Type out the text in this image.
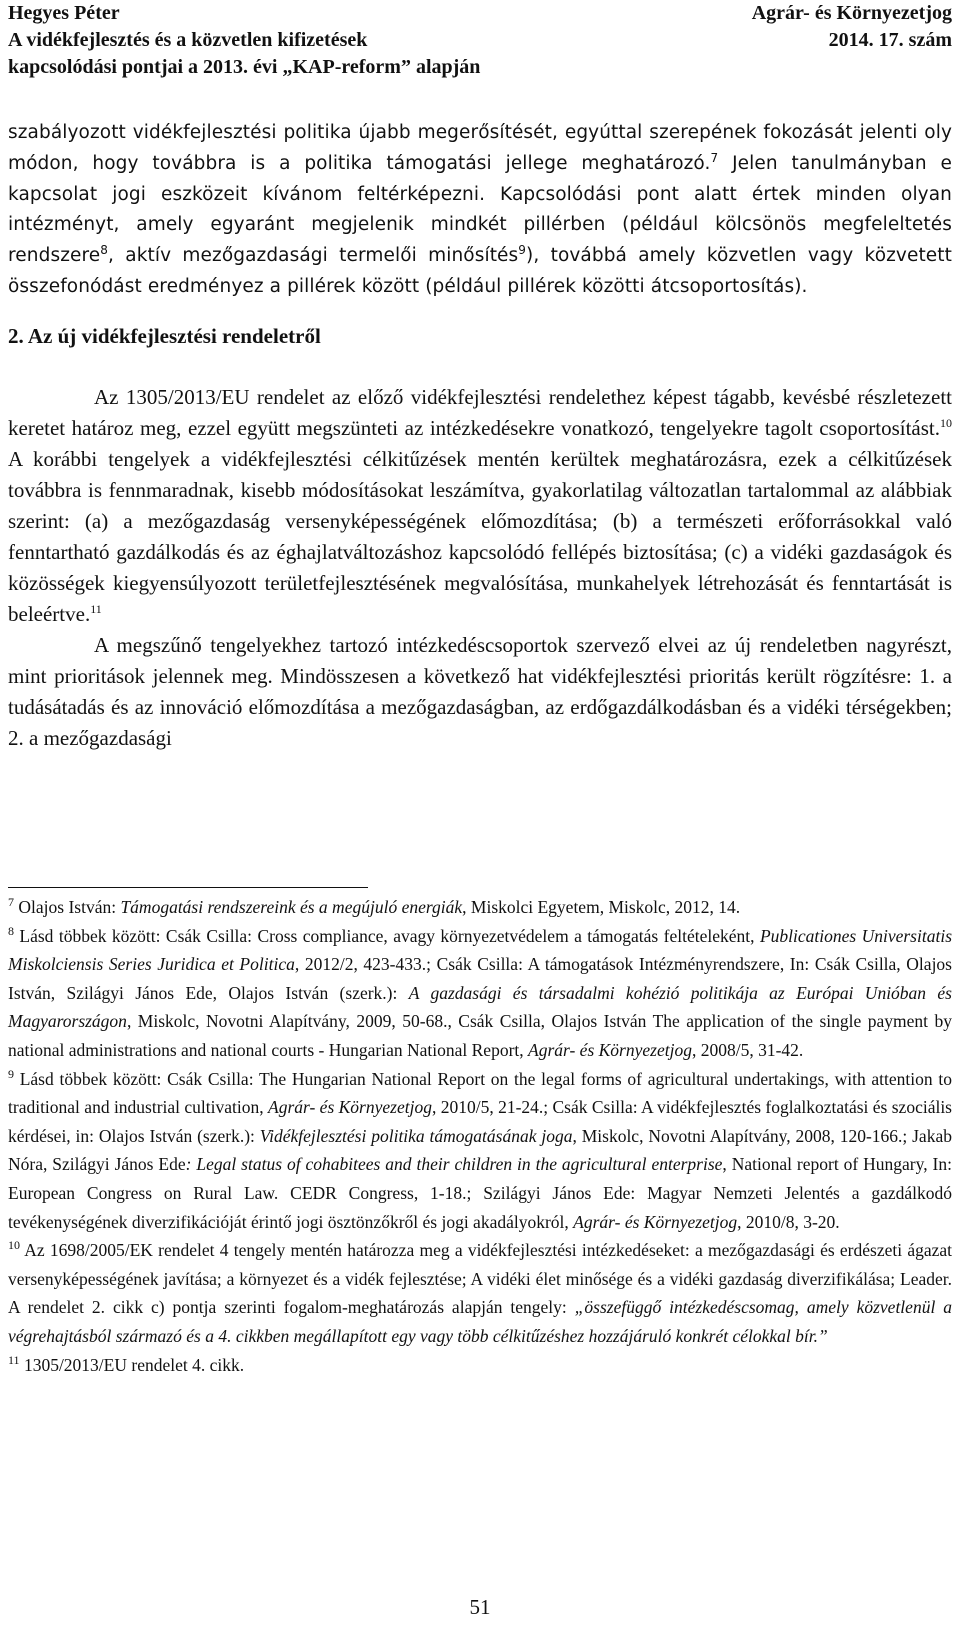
Hegyes Péter
A vidékfejlesztés és a közvetlen kifizetések
kapcsolódási pontjai a 2013. évi „KAP-reform” alapján
Agrár- és Környezetjog
2014. 17. szám

szabályozott vidékfejlesztési politika újabb megerősítését, egyúttal szerepének fokozását jelenti oly módon, hogy továbbra is a politika támogatási jellege meghatározó.$^7$ Jelen tanulmányban e kapcsolat jogi eszközeit kívánom feltérképezni. Kapcsolódási pont alatt értek minden olyan intézményt, amely egyaránt megjelenik mindkét pillérben (például kölcsönös megfeleltetés rendszere$^8$, aktív mezőgazdasági termelői minősítés$^9$), továbbá amely közvetlen vagy közvetett összefonódást eredményez a pillérek között (például pillérek közötti átcsoportosítás).

2. Az új vidékfejlesztési rendeletről

Az 1305/2013/EU rendelet az előző vidékfejlesztési rendelethez képest tágabb, kevésbé részletezett keretet határoz meg, ezzel együtt megszünteti az intézkedésekre vonatkozó, tengelyekre tagolt csoportosítást.$^{10}$ A korábbi tengelyek a vidékfejlesztési célkitűzések mentén kerültek meghatározásra, ezek a célkitűzések továbbra is fennmaradnak, kisebb módosításokat leszámítva, gyakorlatilag változatlan tartalommal az alábbiak szerint: (a) a mezőgazdaság versenyképességének előmozdítása; (b) a természeti erőforrásokkal való fenntartható gazdálkodás és az éghajlatváltozáshoz kapcsolódó fellépés biztosítása; (c) a vidéki gazdaságok és közösségek kiegyensúlyozott területfejlesztésének megvalósítása, munkahelyek létrehozását és fenntartását is beleértve.$^{11}$

A megszűnő tengelyekhez tartozó intézkedéscsoportok szervező elvei az új rendeletben nagyrészt, mint prioritások jelennek meg. Mindösszesen a következő hat vidékfejlesztési prioritás került rögzítésre: 1. a tudásátadás és az innováció előmozdítása a mezőgazdaságban, az erdőgazdálkodásban és a vidéki térségekben; 2. a mezőgazdasági

$^7$ Olajos István: Támogatási rendszereink és a megújuló energiák, Miskolci Egyetem, Miskolc, 2012, 14.

$^8$ Lásd többek között: Csák Csilla: Cross compliance, avagy környezetvédelem a támogatás feltételeként, Publicationes Universitatis Miskolciensis Series Juridica et Politica, 2012/2, 423-433.; Csák Csilla: A támogatások Intézményrendszere, In: Csák Csilla, Olajos István, Szilágyi János Ede, Olajos István (szerk.): A gazdasági és társadalmi kohézió politikája az Európai Unióban és Magyarországon, Miskolc, Novotni Alapítvány, 2009, 50-68., Csák Csilla, Olajos István The application of the single payment by national administrations and national courts - Hungarian National Report, Agrár- és Környezetjog, 2008/5, 31-42.

$^9$ Lásd többek között: Csák Csilla: The Hungarian National Report on the legal forms of agricultural undertakings, with attention to traditional and industrial cultivation, Agrár- és Környezetjog, 2010/5, 21-24.; Csák Csilla: A vidékfejlesztés foglalkoztatási és szociális kérdései, in: Olajos István (szerk.): Vidékfejlesztési politika támogatásának joga, Miskolc, Novotni Alapítvány, 2008, 120-166.; Jakab Nóra, Szilágyi János Ede: Legal status of cohabitees and their children in the agricultural enterprise, National report of Hungary, In: European Congress on Rural Law. CEDR Congress, 1-18.; Szilágyi János Ede: Magyar Nemzeti Jelentés a gazdálkodó tevékenységének diverzifikációját érintő jogi ösztönzőkről és jogi akadályokról, Agrár- és Környezetjog, 2010/8, 3-20.

$^{10}$ Az 1698/2005/EK rendelet 4 tengely mentén határozza meg a vidékfejlesztési intézkedéseket: a mezőgazdasági és erdészeti ágazat versenyképességének javítása; a környezet és a vidék fejlesztése; A vidéki élet minősége és a vidéki gazdaság diverzifikálása; Leader. A rendelet 2. cikk c) pontja szerinti fogalom-meghatározás alapján tengely: „összefüggő intézkedéscsomag, amely közvetlenül a végrehajtásból származó és a 4. cikkben megállapított egy vagy több célkitűzéshez hozzájáruló konkrét célokkal bír.”

$^{11}$ 1305/2013/EU rendelet 4. cikk.

51
